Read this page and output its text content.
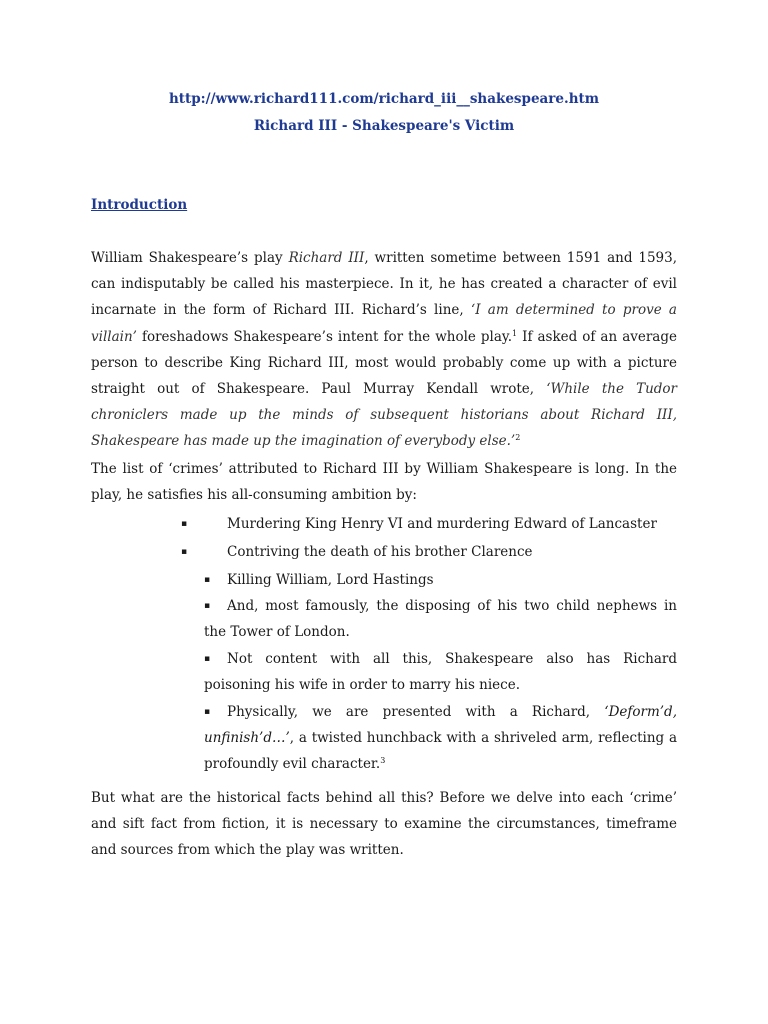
http://www.richard111.com/richard_iii__shakespeare.htm
Richard III - Shakespeare's Victim
Introduction

William Shakespeare’s play Richard III, written sometime between 1591 and 1593, can indisputably be called his masterpiece. In it, he has created a character of evil incarnate in the form of Richard III. Richard’s line, ‘I am determined to prove a villain’ foreshadows Shakespeare’s intent for the whole play.$^1$ If asked of an average person to describe King Richard III, most would probably come up with a picture straight out of Shakespeare. Paul Murray Kendall wrote, ‘While the Tudor chroniclers made up the minds of subsequent historians about Richard III, Shakespeare has made up the imagination of everybody else.’$^2$

The list of ‘crimes’ attributed to Richard III by William Shakespeare is long. In the play, he satisfies his all-consuming ambition by:

▪	Murdering King Henry VI and murdering Edward of Lancaster

▪	Contriving the death of his brother Clarence

▪ Killing William, Lord Hastings

▪	And, most famously, the disposing of his two child nephews in the Tower of London.

▪	Not content with all this, Shakespeare also has Richard poisoning his wife in order to marry his niece.

▪	Physically, we are presented with a Richard, ‘Deform’d, unfinish’d…’, a twisted hunchback with a shriveled arm, reflecting a profoundly evil character.$^3$

But what are the historical facts behind all this? Before we delve into each ‘crime’ and sift fact from fiction, it is necessary to examine the circumstances, timeframe and sources from which the play was written.
